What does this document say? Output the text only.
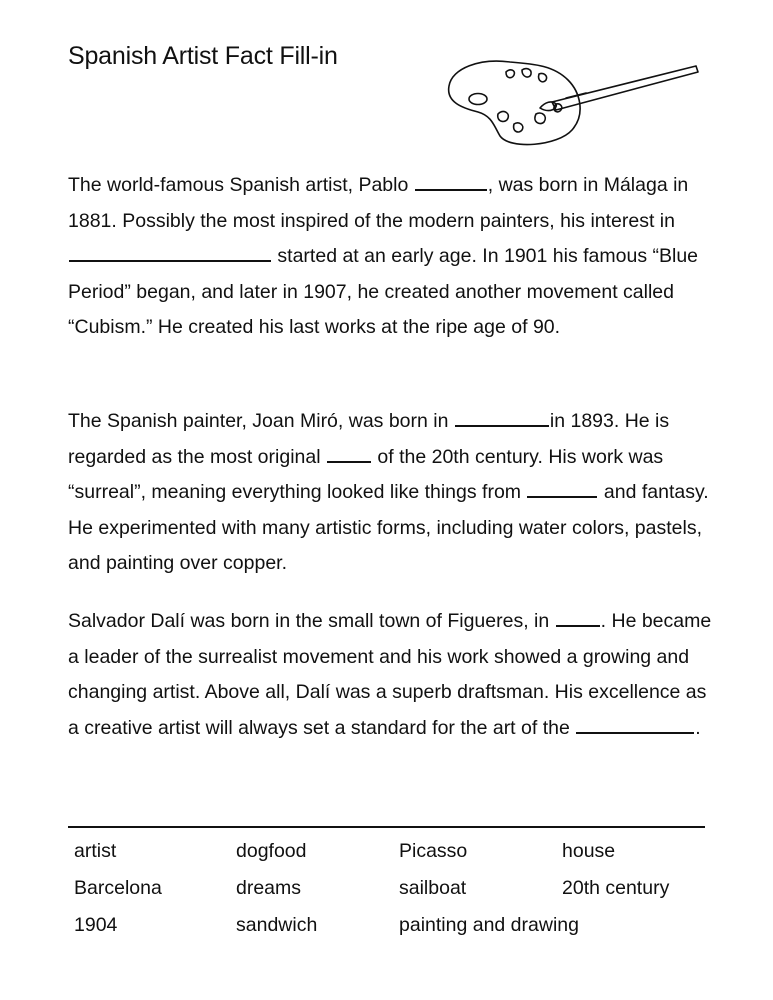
Spanish Artist Fact Fill-in

The world-famous Spanish artist, Pablo	, was born in Málaga in 1881. Possibly the most inspired of the modern painters, his interest in  started at an early age. In 1901 his famous “Blue Period” began, and later in 1907, he created another movement called “Cubism.” He created his last works at the ripe age of 90.

The Spanish painter, Joan Miró, was born in	in 1893. He is regarded as the most original	of the 20th century. His work was “surreal”, meaning everything looked like things from	and fantasy. He experimented with many artistic forms, including water colors, pastels, and painting over copper.

Salvador Dalí was born in the small town of Figueres, in	. He became a leader of the surrealist movement and his work showed a growing and changing artist. Above all, Dalí was a superb draftsman. His excellence as a creative artist will always set a standard for the art of the	.

artist	dogfood	Picasso	house
Barcelona	dreams	sailboat	20th century
1904	sandwich	painting and drawing
